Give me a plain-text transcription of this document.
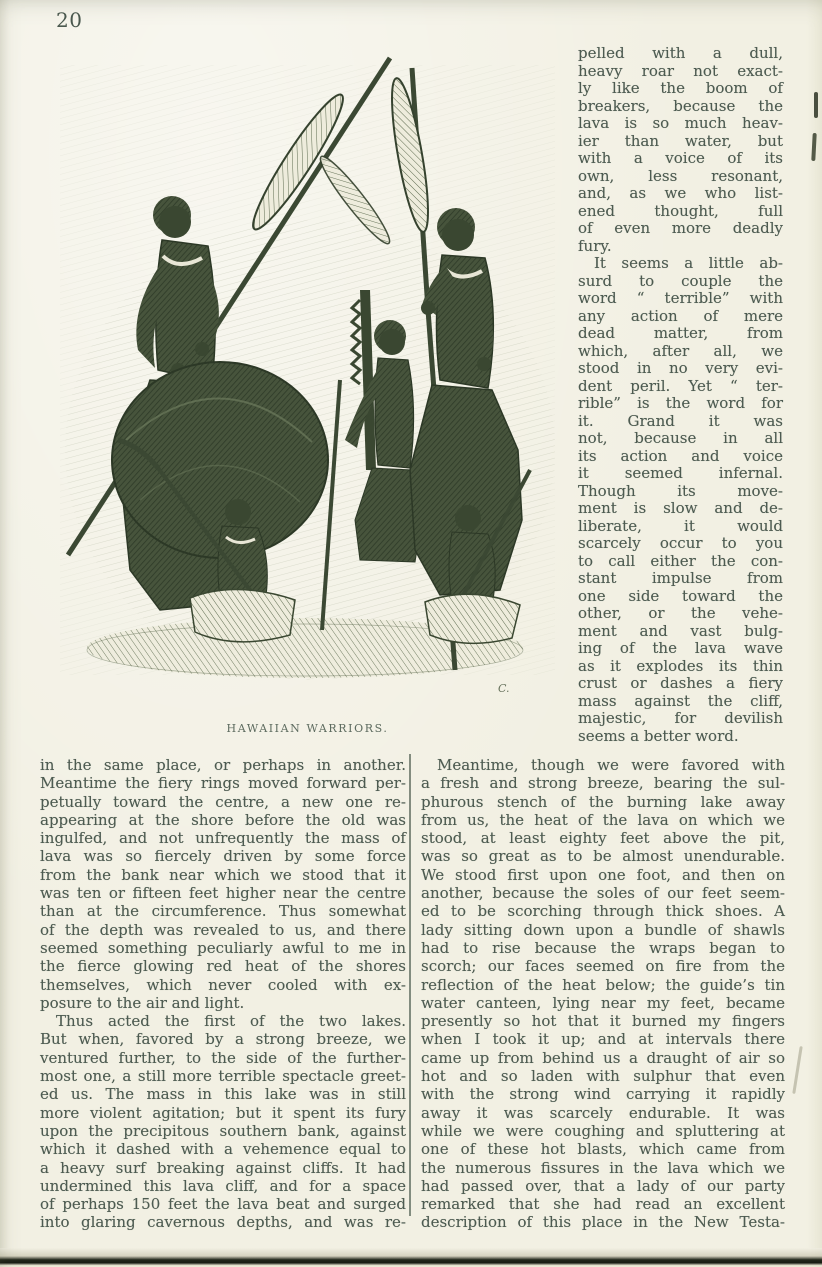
20
C.
HAWAIIAN WARRIORS.
pelled with a dull,
heavy roar not exact-
ly like the boom of
breakers, because the
lava is so much heav-
ier than water, but
with a voice of its
own, less resonant,
and, as we who list-
ened thought, full
of even more deadly
fury.
It seems a little ab-
surd to couple the
word “ terrible” with
any action of mere
dead matter, from
which, after all, we
stood in no very evi-
dent peril. Yet “ ter-
rible” is the word for
it. Grand it was
not, because in all
its action and voice
it seemed infernal.
Though its move-
ment is slow and de-
liberate, it would
scarcely occur to you
to call either the con-
stant impulse from
one side toward the
other, or the vehe-
ment and vast bulg-
ing of the lava wave
as it explodes its thin
crust or dashes a fiery
mass against the cliff,
majestic, for devilish
seems a better word.
in the same place, or perhaps in another.
Meantime the fiery rings moved forward per-
petually toward the centre, a new one re-
appearing at the shore before the old was
ingulfed, and not unfrequently the mass of
lava was so fiercely driven by some force
from the bank near which we stood that it
was ten or fifteen feet higher near the centre
than at the circumference. Thus somewhat
of the depth was revealed to us, and there
seemed something peculiarly awful to me in
the fierce glowing red heat of the shores
themselves, which never cooled with ex-
posure to the air and light.
Thus acted the first of the two lakes.
But when, favored by a strong breeze, we
ventured further, to the side of the further-
most one, a still more terrible spectacle greet-
ed us. The mass in this lake was in still
more violent agitation; but it spent its fury
upon the precipitous southern bank, against
which it dashed with a vehemence equal to
a heavy surf breaking against cliffs. It had
undermined this lava cliff, and for a space
of perhaps 150 feet the lava beat and surged
into glaring cavernous depths, and was re-
Meantime, though we were favored with
a fresh and strong breeze, bearing the sul-
phurous stench of the burning lake away
from us, the heat of the lava on which we
stood, at least eighty feet above the pit,
was so great as to be almost unendurable.
We stood first upon one foot, and then on
another, because the soles of our feet seem-
ed to be scorching through thick shoes. A
lady sitting down upon a bundle of shawls
had to rise because the wraps began to
scorch; our faces seemed on fire from the
reflection of the heat below; the guide’s tin
water canteen, lying near my feet, became
presently so hot that it burned my fingers
when I took it up; and at intervals there
came up from behind us a draught of air so
hot and so laden with sulphur that even
with the strong wind carrying it rapidly
away it was scarcely endurable. It was
while we were coughing and spluttering at
one of these hot blasts, which came from
the numerous fissures in the lava which we
had passed over, that a lady of our party
remarked that she had read an excellent
description of this place in the New Testa-
